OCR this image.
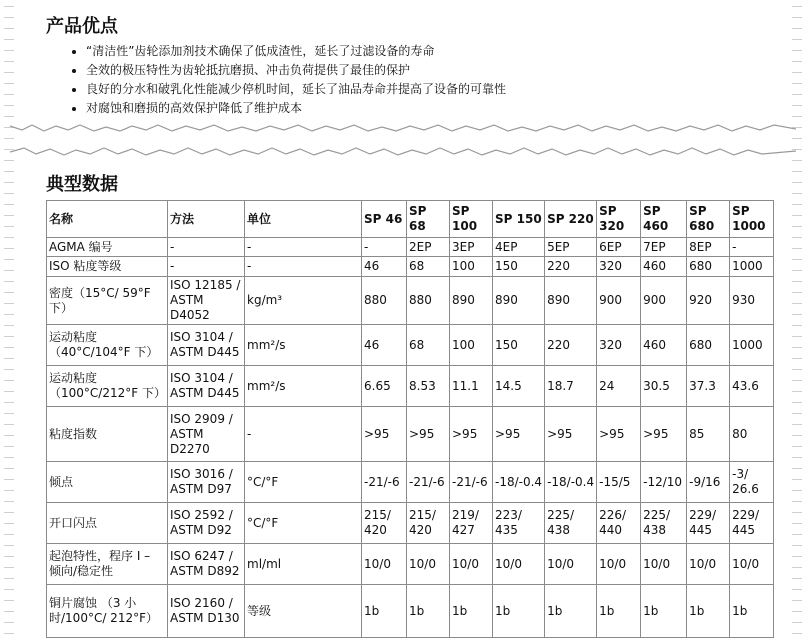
产品优点
• “清洁性”齿轮添加剂技术确保了低成渣性，延长了过滤设备的寿命
• 全效的极压特性为齿轮抵抗磨损、冲击负荷提供了最佳的保护
• 良好的分水和破乳化性能减少停机时间，延长了油品寿命并提高了设备的可靠性
• 对腐蚀和磨损的高效保护降低了维护成本
典型数据
名称	方法	单位	SP 46	SP 68	SP 100	SP 150	SP 220	SP 320	SP 460	SP 680	SP 1000
AGMA 编号	-	-	-	2EP	3EP	4EP	5EP	6EP	7EP	8EP	-
ISO 粘度等级	-	-	46	68	100	150	220	320	460	680	1000
密度（15°C/ 59°F 下）	ISO 12185 / ASTM D4052	kg/m³	880	880	890	890	890	900	900	920	930
运动粘度 （40°C/104°F 下）	ISO 3104 / ASTM D445	mm²/s	46	68	100	150	220	320	460	680	1000
运动粘度 （100°C/212°F 下）	ISO 3104 / ASTM D445	mm²/s	6.65	8.53	11.1	14.5	18.7	24	30.5	37.3	43.6
粘度指数	ISO 2909 / ASTM D2270	-	>95	>95	>95	>95	>95	>95	>95	85	80
倾点	ISO 3016 / ASTM D97	°C/°F	-21/-6	-21/-6	-21/-6	-18/-0.4	-18/-0.4	-15/5	-12/10	-9/16	-3/ 26.6
开口闪点	ISO 2592 / ASTM D92	°C/°F	215/ 420	215/ 420	219/ 427	223/ 435	225/ 438	226/ 440	225/ 438	229/ 445	229/ 445
起泡特性，程序 I – 倾向/稳定性	ISO 6247 / ASTM D892	ml/ml	10/0	10/0	10/0	10/0	10/0	10/0	10/0	10/0	10/0
铜片腐蚀 （3 小时/100°C/ 212°F）	ISO 2160 / ASTM D130	等级	1b	1b	1b	1b	1b	1b	1b	1b	1b
